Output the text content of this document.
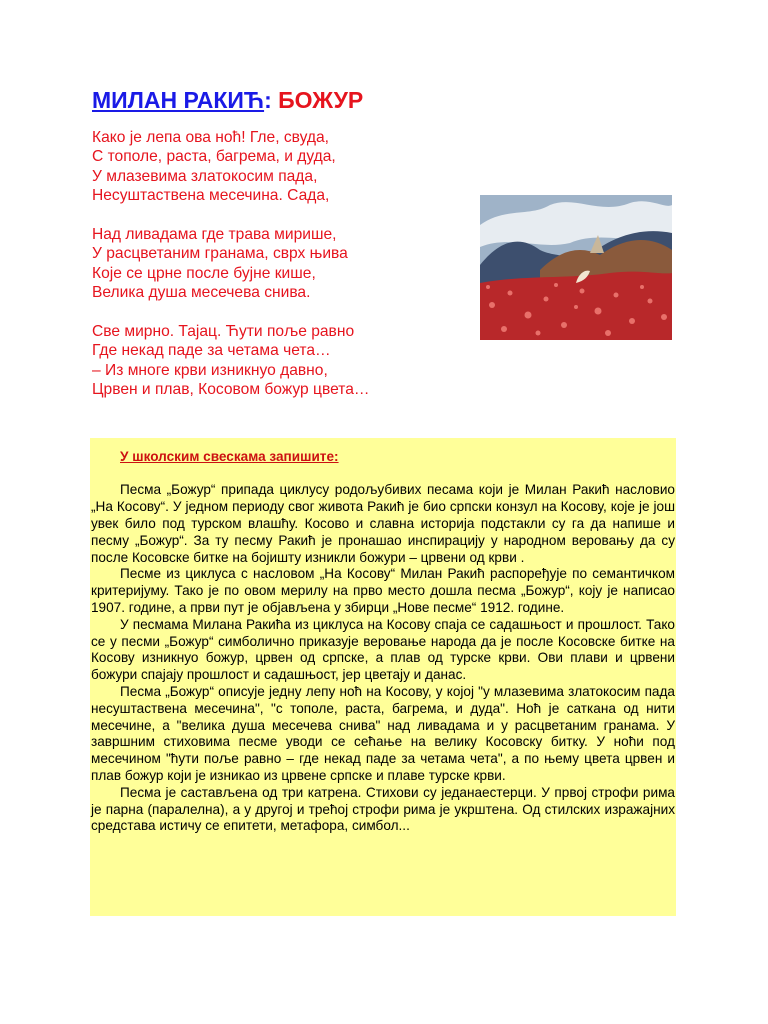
МИЛАН РАКИЋ: БОЖУР

Како је лепа ова ноћ! Гле, свуда,
С тополе, раста, багрема, и дуда,
У млазевима златокосим пада,
Несуштаствена месечина. Сада,

Над ливадама где трава мирише,
У расцветаним гранама, сврх њива
Које се црне после бујне кише,
Велика душа месечева снива.

Све мирно. Тајац. Ћути поље равно
Где некад паде за четама чета…
– Из многе крви изникнуо давно,
Црвен и плав, Косовом божур цвета…

У школским свескама запишите:

Песма „Божур“ припада циклусу родољубивих песама који је Милан Ракић насловио „На Косову“. У једном периоду свог живота Ракић је био српски конзул на Косову, које је још увек било под турском влашћу. Косово и славна историја подстакли су га да напише и песму „Божур“. За ту песму Ракић је пронашао инспирацију у народном веровању да су после Косовске битке на бојишту изникли божури – црвени од крви .

Песме из циклуса с насловом „На Косову“ Милан Ракић распоређује по семантичком критеријуму. Тако је по овом мерилу на прво место дошла песма „Божур“, коју је написао 1907. године, а први пут је објављена у збирци „Нове песме“ 1912. године.

У песмама Милана Ракића из циклуса на Косову спаја се садашњост и прошлост. Тако се у песми „Божур“ симболично приказује веровање народа да је после Косовске битке на Косову изникнуо божур, црвен од српске, а плав од турске крви. Ови плави и црвени божури спајају прошлост и садашњост, јер цветају и данас.

Песма „Божур“ описује једну лепу ноћ на Косову, у којој "у млазевима златокосим пада несуштаствена месечина", "с тополе, раста, багрема, и дуда". Ноћ је саткана од нити месечине, а "велика душа месечева снива" над ливадама и у расцветаним гранама. У завршним стиховима песме уводи се сећање на велику Косовску битку. У ноћи под месечином "ћути поље равно – где некад паде за четама чета", а по њему цвета црвен и плав божур који је изникао из црвене српске и плаве турске крви.

Песма је састављена од три катрена. Стихови су једанаестерци. У првој строфи рима је парна (паралелна), а у другој и трећој строфи рима је укрштена. Од стилских изражајних средстава истичу се епитети, метафора, симбол...
